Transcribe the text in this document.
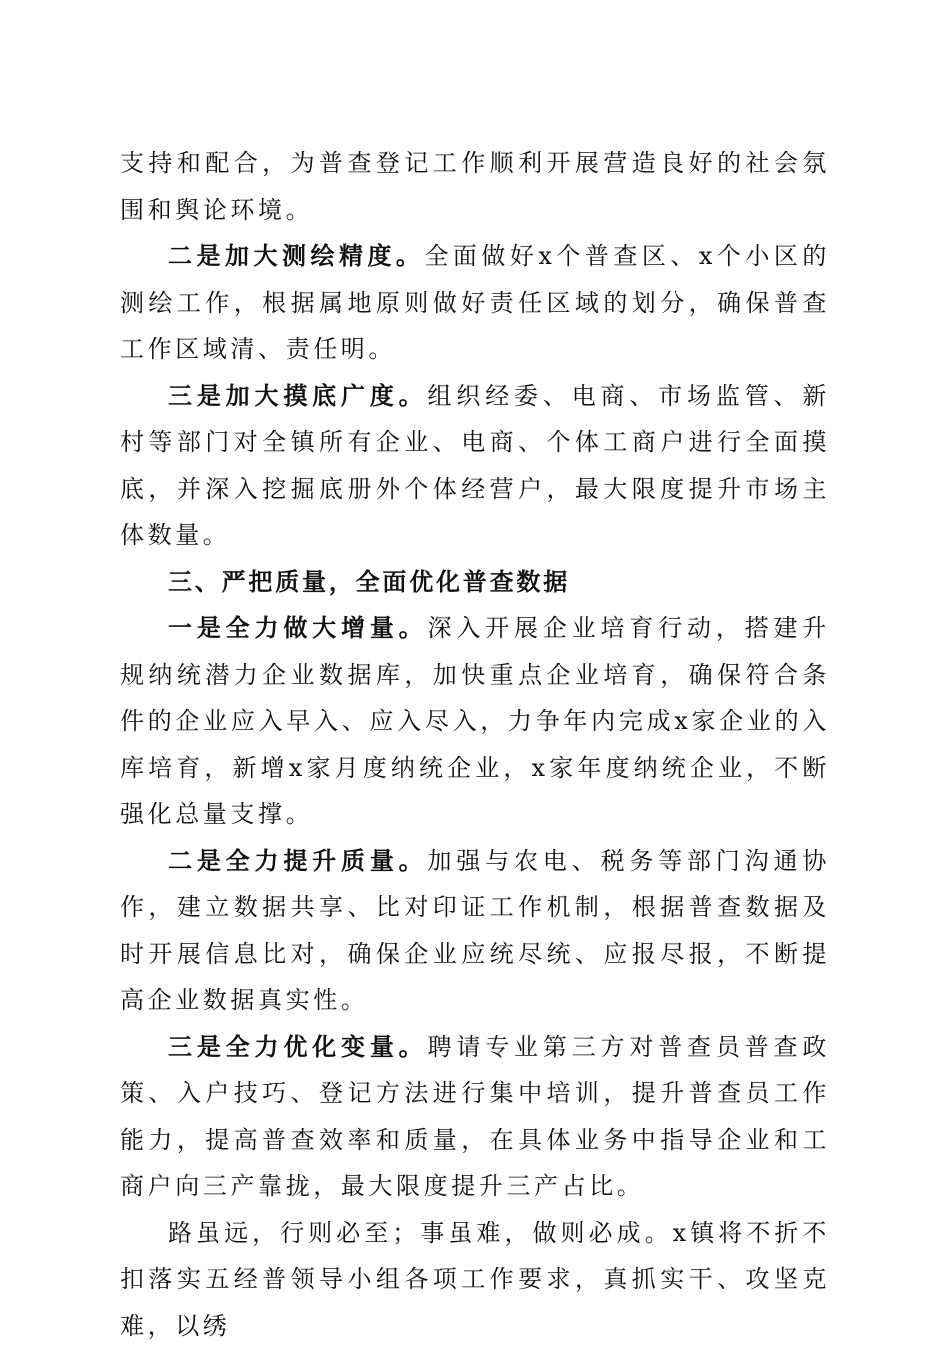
支持和配合，为普查登记工作顺利开展营造良好的社会氛围和舆论环境。

二是加大测绘精度。全面做好x个普查区、x个小区的测绘工作，根据属地原则做好责任区域的划分，确保普查工作区域清、责任明。

三是加大摸底广度。组织经委、电商、市场监管、新村等部门对全镇所有企业、电商、个体工商户进行全面摸底，并深入挖掘底册外个体经营户，最大限度提升市场主体数量。

三、严把质量，全面优化普查数据

一是全力做大增量。深入开展企业培育行动，搭建升规纳统潜力企业数据库，加快重点企业培育，确保符合条件的企业应入早入、应入尽入，力争年内完成x家企业的入库培育，新增x家月度纳统企业，x家年度纳统企业，不断强化总量支撑。

二是全力提升质量。加强与农电、税务等部门沟通协作，建立数据共享、比对印证工作机制，根据普查数据及时开展信息比对，确保企业应统尽统、应报尽报，不断提高企业数据真实性。

三是全力优化变量。聘请专业第三方对普查员普查政策、入户技巧、登记方法进行集中培训，提升普查员工作能力，提高普查效率和质量，在具体业务中指导企业和工商户向三产靠拢，最大限度提升三产占比。

路虽远，行则必至；事虽难，做则必成。x镇将不折不扣落实五经普领导小组各项工作要求，真抓实干、攻坚克难，以绣
